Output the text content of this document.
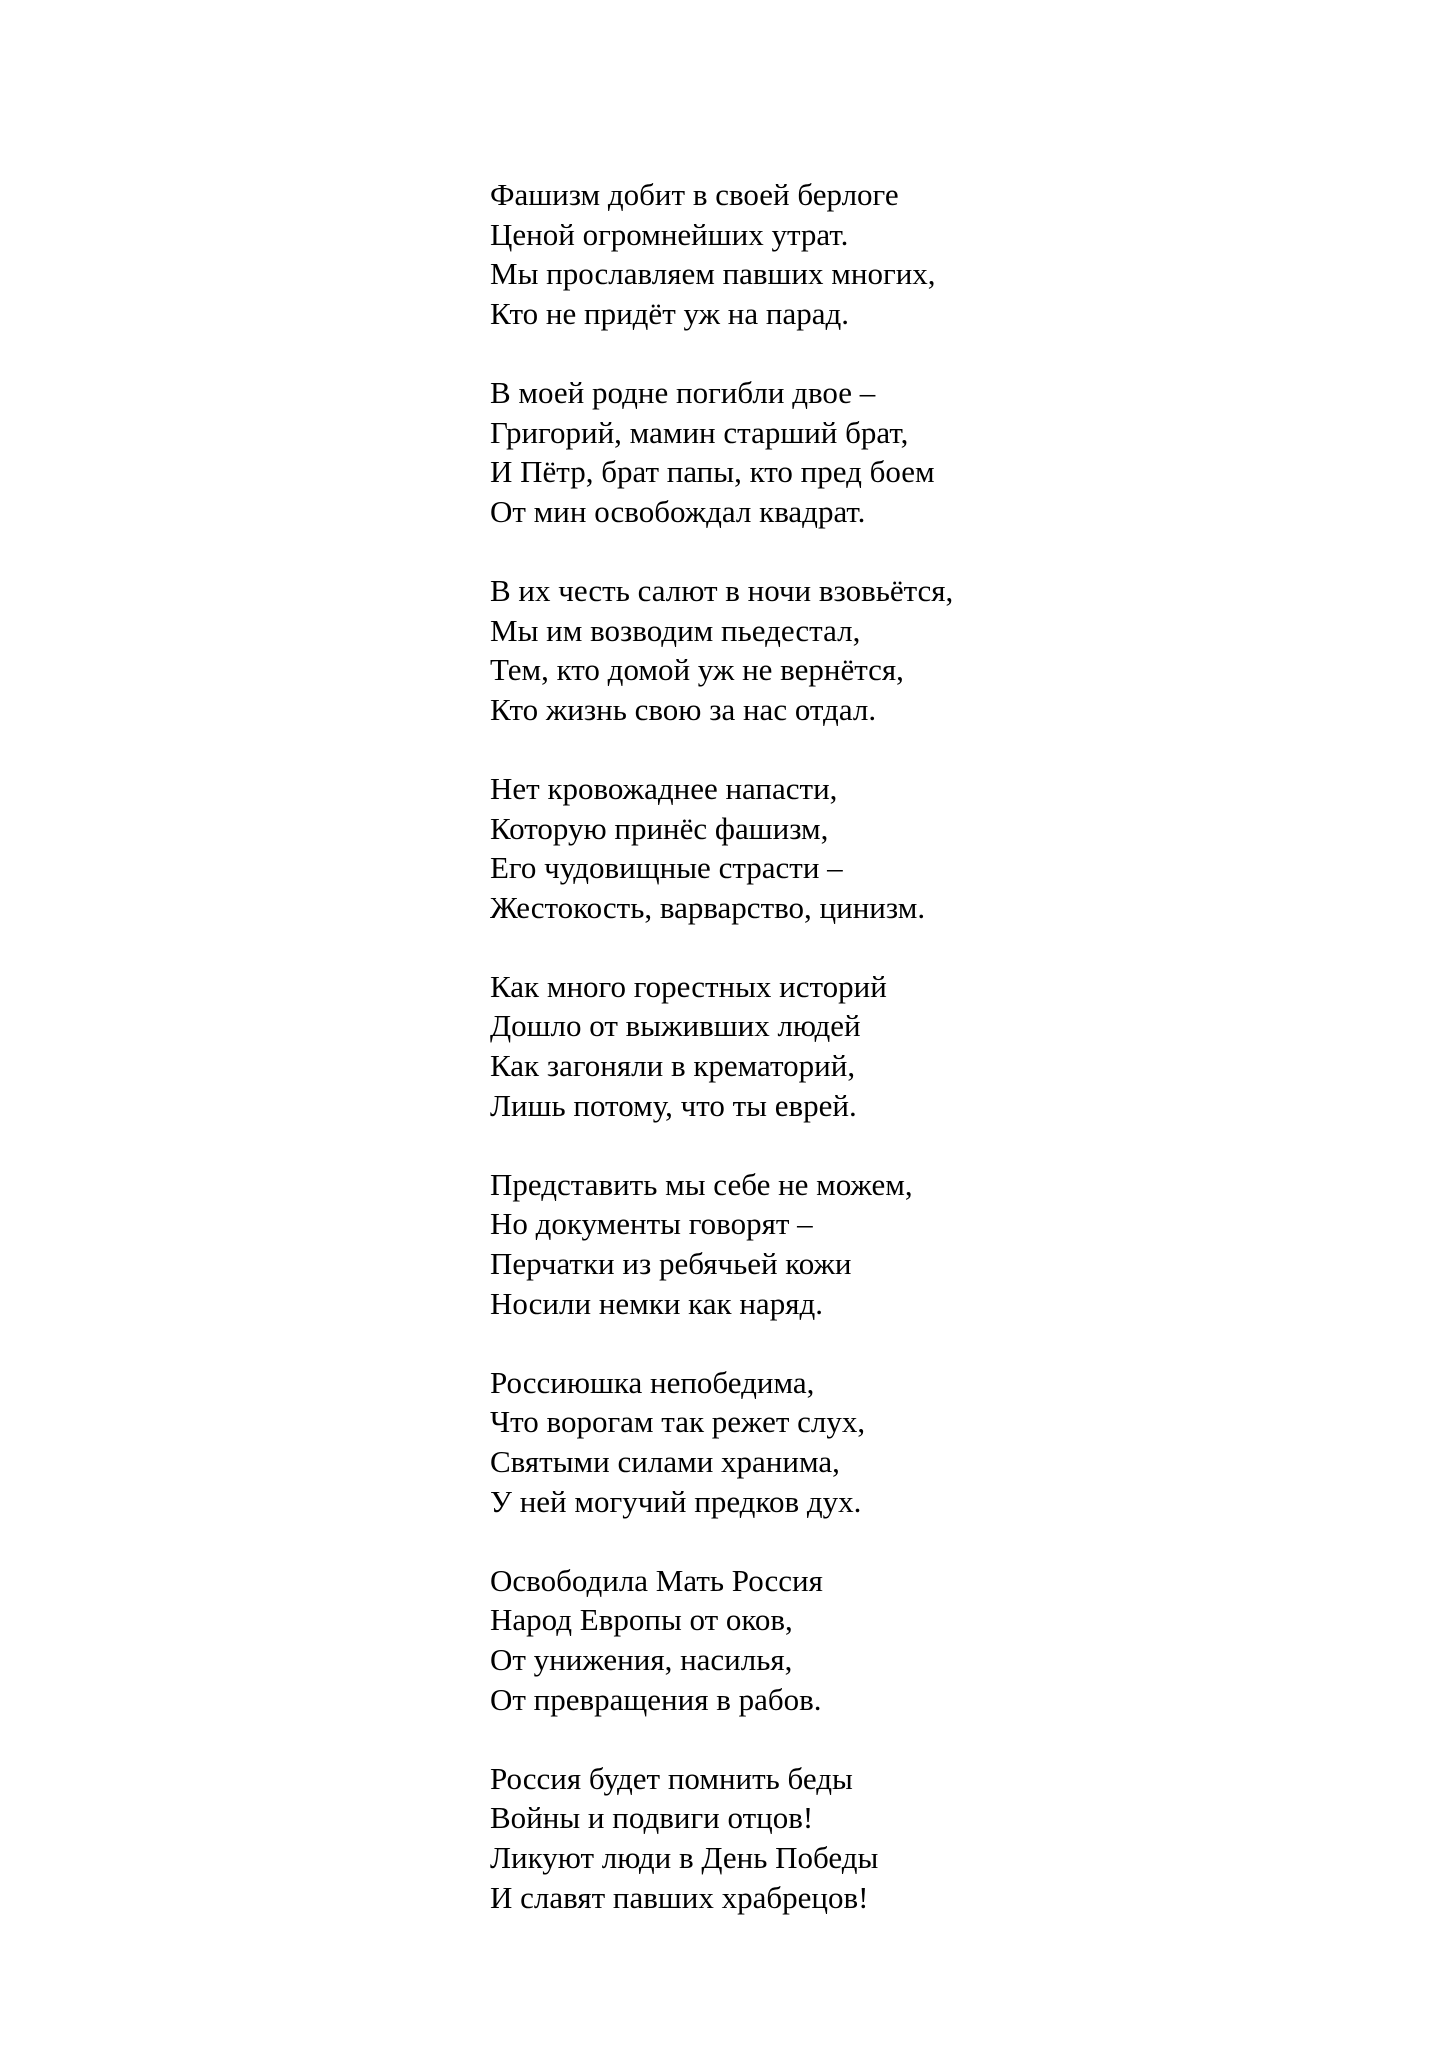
Фашизм добит в своей берлоге
Ценой огромнейших утрат.
Мы прославляем павших многих,
Кто не придёт уж на парад.
В моей родне погибли двое –
Григорий, мамин старший брат,
И Пётр, брат папы, кто пред боем
От мин освобождал квадрат.
В их честь салют в ночи взовьётся,
Мы им возводим пьедестал,
Тем, кто домой уж не вернётся,
Кто жизнь свою за нас отдал.
Нет кровожаднее напасти,
Которую принёс фашизм,
Его чудовищные страсти –
Жестокость, варварство, цинизм.
Как много горестных историй
Дошло от выживших людей
Как загоняли в крематорий,
Лишь потому, что ты еврей.
Представить мы себе не можем,
Но документы говорят –
Перчатки из ребячьей кожи
Носили немки как наряд.
Россиюшка непобедима,
Что ворогам так режет слух,
Святыми силами хранима,
У ней могучий предков дух.
Освободила Мать Россия
Народ Европы от оков,
От унижения, насилья,
От превращения в рабов.
Россия будет помнить беды
Войны и подвиги отцов!
Ликуют люди в День Победы
И славят павших храбрецов!
